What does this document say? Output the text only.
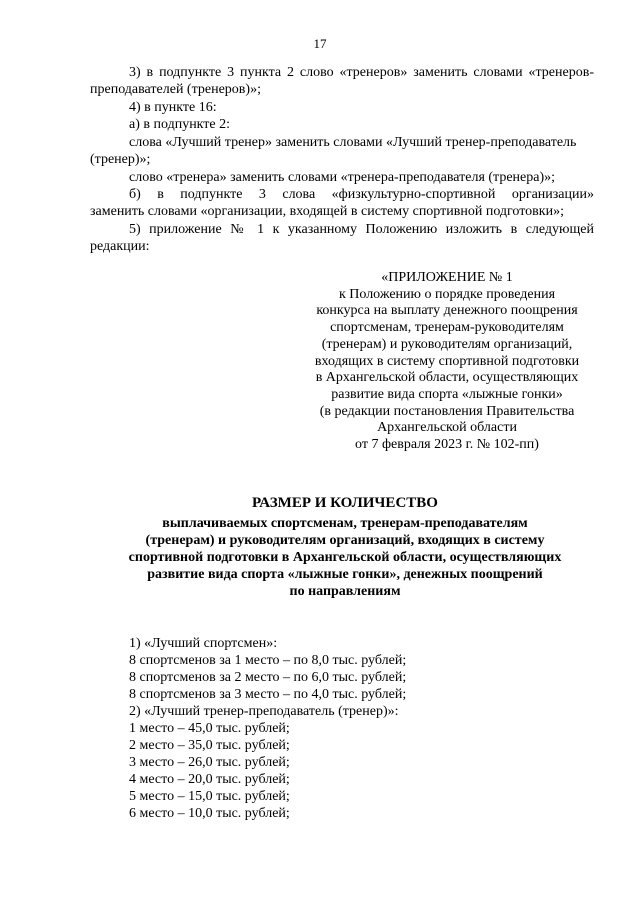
17
3) в подпункте 3 пункта 2 слово «тренеров» заменить словами «тренеров-
преподавателей (тренеров)»;
4) в пункте 16:
а) в подпункте 2:
слова «Лучший тренер» заменить словами «Лучший тренер-преподаватель
(тренер)»;
слово «тренера» заменить словами «тренера-преподавателя (тренера)»;
б) в подпункте 3 слова «физкультурно-спортивной организации»
заменить словами «организации, входящей в систему спортивной подготовки»;
5) приложение № 1 к указанному Положению изложить в следующей
редакции:
«ПРИЛОЖЕНИЕ № 1
к Положению о порядке проведения
конкурса на выплату денежного поощрения
спортсменам, тренерам-руководителям
(тренерам) и руководителям организаций,
входящих в систему спортивной подготовки
в Архангельской области, осуществляющих
развитие вида спорта «лыжные гонки»
(в редакции постановления Правительства
Архангельской области
от 7 февраля 2023 г. № 102-пп)
РАЗМЕР И КОЛИЧЕСТВО
выплачиваемых спортсменам, тренерам-преподавателям
(тренерам) и руководителям организаций, входящих в систему
спортивной подготовки в Архангельской области, осуществляющих
развитие вида спорта «лыжные гонки», денежных поощрений
по направлениям
1) «Лучший спортсмен»:
8 спортсменов за 1 место – по 8,0 тыс. рублей;
8 спортсменов за 2 место – по 6,0 тыс. рублей;
8 спортсменов за 3 место – по 4,0 тыс. рублей;
2) «Лучший тренер-преподаватель (тренер)»:
1 место – 45,0 тыс. рублей;
2 место – 35,0 тыс. рублей;
3 место – 26,0 тыс. рублей;
4 место – 20,0 тыс. рублей;
5 место – 15,0 тыс. рублей;
6 место – 10,0 тыс. рублей;
